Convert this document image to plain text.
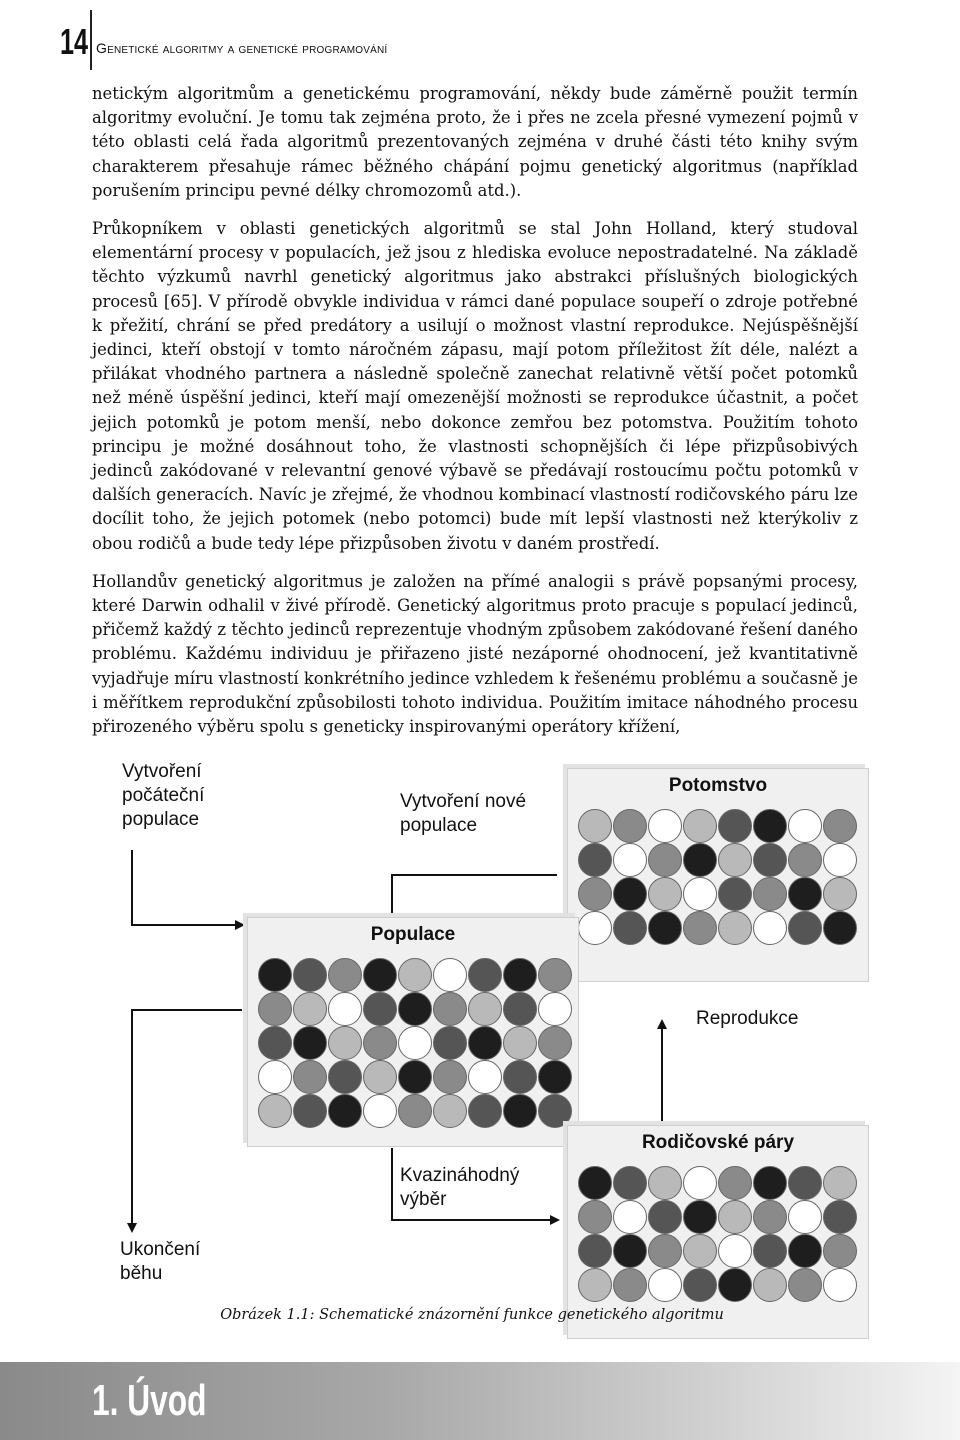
14 Genetické algoritmy a genetické programování

netickým algoritmům a genetickému programování, někdy bude záměrně použit termín algoritmy evoluční. Je tomu tak zejména proto, že i přes ne zcela přesné vymezení pojmů v této oblasti celá řada algoritmů prezentovaných zejména v druhé části této knihy svým charakterem přesahuje rámec běžného chápání pojmu genetický algoritmus (například porušením principu pevné délky chromozomů atd.).

Průkopníkem v oblasti genetických algoritmů se stal John Holland, který studoval elementární procesy v populacích, jež jsou z hlediska evoluce nepostradatelné. Na základě těchto výzkumů navrhl genetický algoritmus jako abstrakci příslušných biologických procesů [65]. V přírodě obvykle individua v rámci dané populace soupeří o zdroje potřebné k přežití, chrání se před predátory a usilují o možnost vlastní reprodukce. Nejúspěšnější jedinci, kteří obstojí v tomto náročném zápasu, mají potom příležitost žít déle, nalézt a přilákat vhodného partnera a následně společně zanechat relativně větší počet potomků než méně úspěšní jedinci, kteří mají omezenější možnosti se reprodukce účastnit, a počet jejich potomků je potom menší, nebo dokonce zemřou bez potomstva. Použitím tohoto principu je možné dosáhnout toho, že vlastnosti schopnějších či lépe přizpůsobivých jedinců zakódované v relevantní genové výbavě se předávají rostoucímu počtu potomků v dalších generacích. Navíc je zřejmé, že vhodnou kombinací vlastností rodičovského páru lze docílit toho, že jejich potomek (nebo potomci) bude mít lepší vlastnosti než kterýkoliv z obou rodičů a bude tedy lépe přizpůsoben životu v daném prostředí.

Hollandův genetický algoritmus je založen na přímé analogii s právě popsanými procesy, které Darwin odhalil v živé přírodě. Genetický algoritmus proto pracuje s populací jedinců, přičemž každý z těchto jedinců reprezentuje vhodným způsobem zakódované řešení daného problému. Každému individuu je přiřazeno jisté nezáporné ohodnocení, jež kvantitativně vyjadřuje míru vlastností konkrétního jedince vzhledem k řešenému problému a současně je i měřítkem reprodukční způsobilosti tohoto individua. Použitím imitace náhodného procesu přirozeného výběru spolu s geneticky inspirovanými operátory křížení,

Vytvoření
počáteční
populace
Vytvoření nové
populace
Reprodukce
Kvazináhodný
výběr
Ukončení
běhu
Potomstvo
Populace
Rodičovské páry
Obrázek 1.1: Schematické znázornění funkce genetického algoritmu
1. Úvod
